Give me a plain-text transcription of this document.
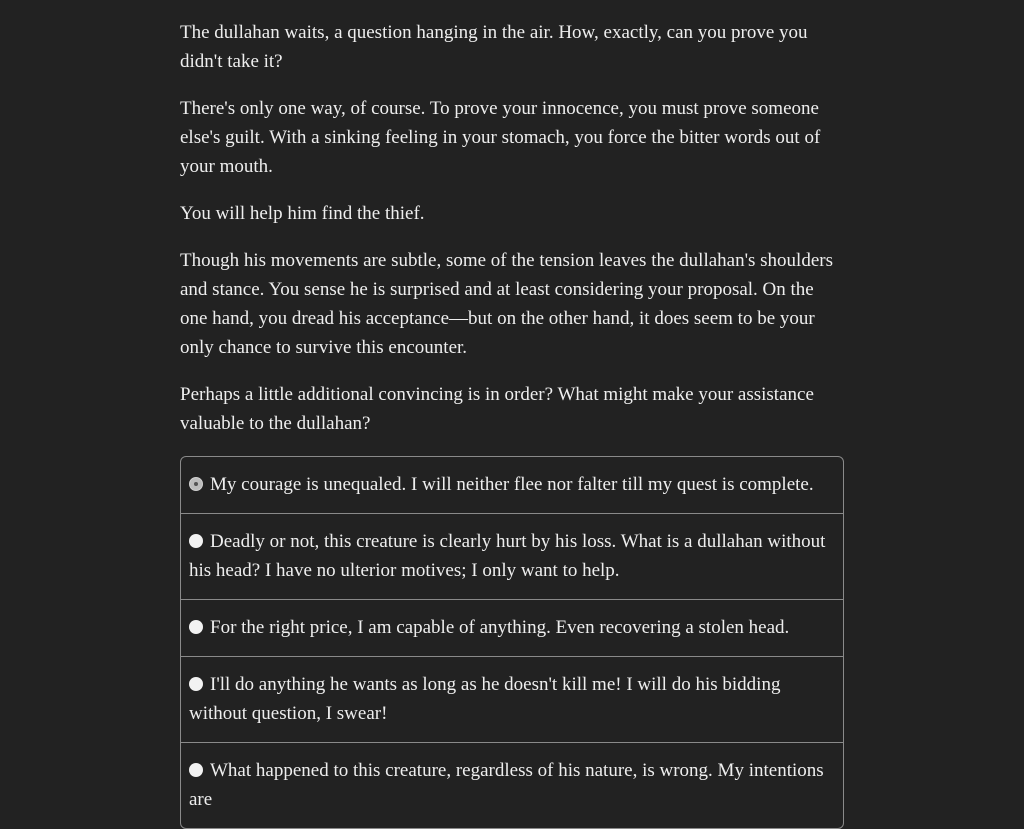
The dullahan waits, a question hanging in the air. How, exactly, can you prove you didn't take it?

There's only one way, of course. To prove your innocence, you must prove someone else's guilt. With a sinking feeling in your stomach, you force the bitter words out of your mouth.

You will help him find the thief.

Though his movements are subtle, some of the tension leaves the dullahan's shoulders and stance. You sense he is surprised and at least considering your proposal. On the one hand, you dread his acceptance—but on the other hand, it does seem to be your only chance to survive this encounter.

Perhaps a little additional convincing is in order? What might make your assistance valuable to the dullahan?

My courage is unequaled. I will neither flee nor falter till my quest is complete.
Deadly or not, this creature is clearly hurt by his loss. What is a dullahan without his head? I have no ulterior motives; I only want to help.
For the right price, I am capable of anything. Even recovering a stolen head.
I'll do anything he wants as long as he doesn't kill me! I will do his bidding without question, I swear!
What happened to this creature, regardless of his nature, is wrong. My intentions are
